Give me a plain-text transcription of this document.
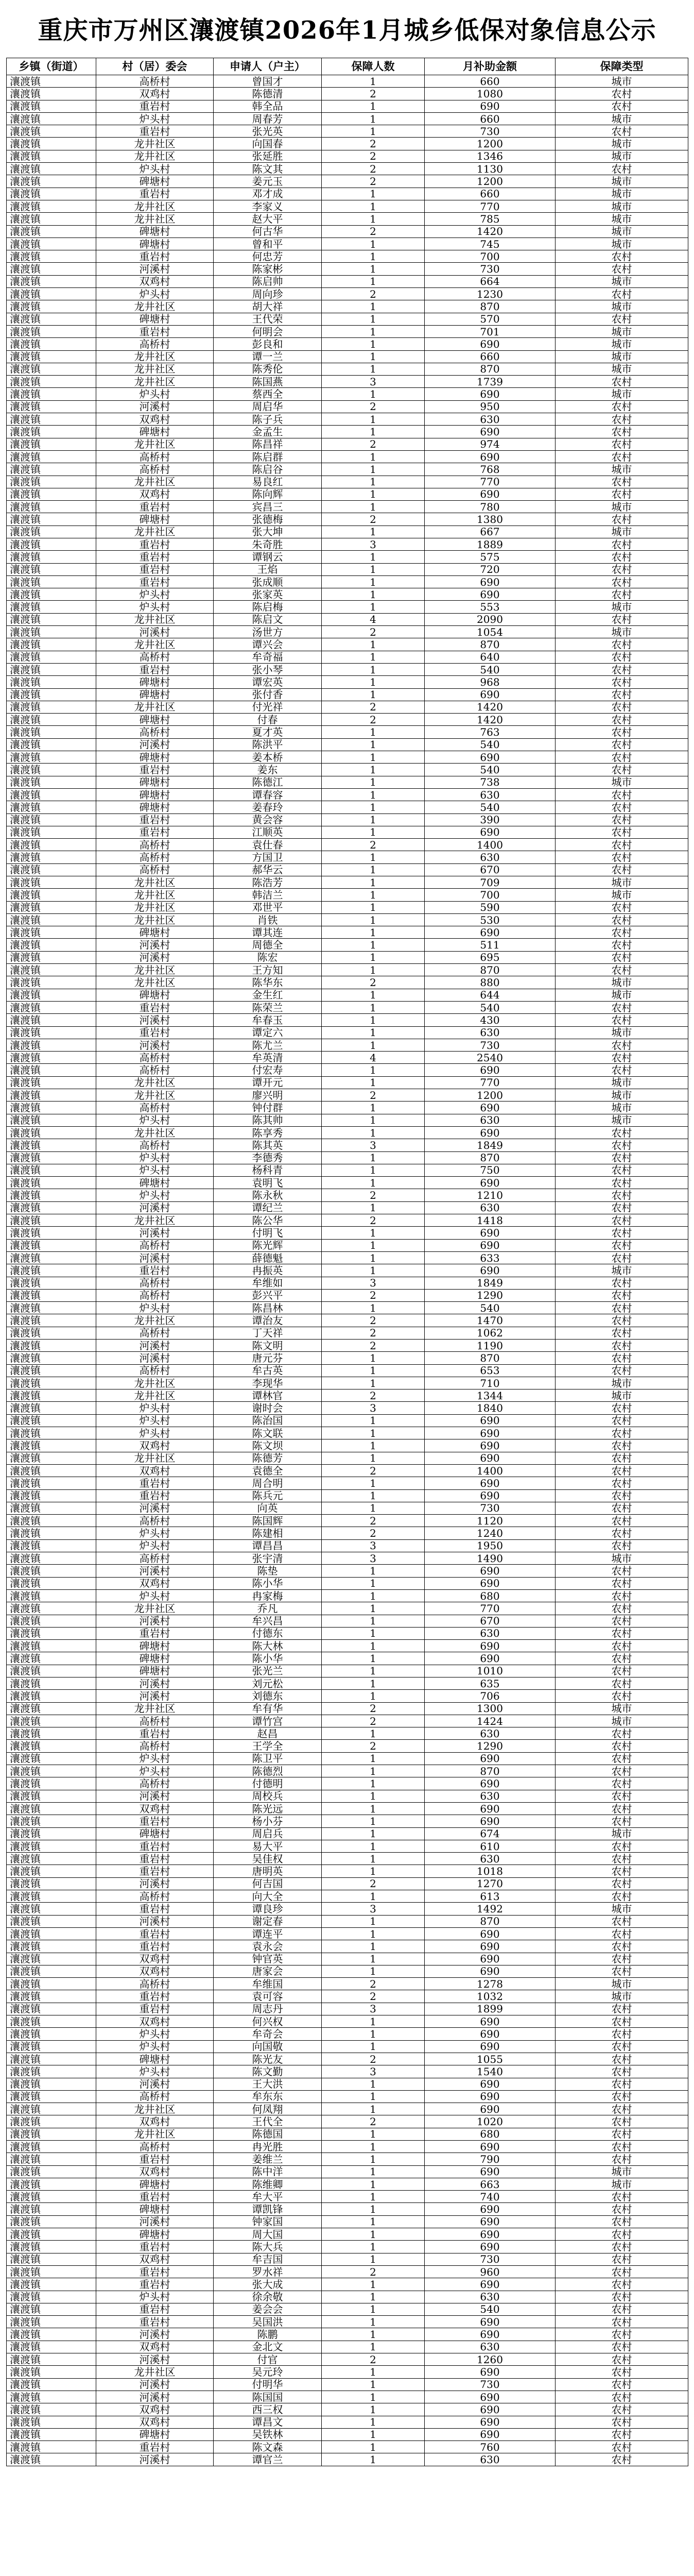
重庆市万州区瀼渡镇2026年1月城乡低保对象信息公示
乡镇（街道）	村（居）委会	申请人（户主）	保障人数	月补助金额	保障类型
瀼渡镇	高桥村	曾国才	1	660	城市
瀼渡镇	双鸡村	陈德清	2	1080	农村
瀼渡镇	重岩村	韩全品	1	690	农村
瀼渡镇	炉头村	周春芳	1	660	城市
瀼渡镇	重岩村	张光英	1	730	农村
瀼渡镇	龙井社区	向国春	2	1200	城市
瀼渡镇	龙井社区	张延胜	2	1346	城市
瀼渡镇	炉头村	陈文其	2	1130	农村
瀼渡镇	碑塘村	姜元玉	2	1200	城市
瀼渡镇	重岩村	邓才成	1	660	城市
瀼渡镇	龙井社区	李家义	1	770	城市
瀼渡镇	龙井社区	赵大平	1	785	城市
瀼渡镇	碑塘村	何古华	2	1420	城市
瀼渡镇	碑塘村	曾和平	1	745	城市
瀼渡镇	重岩村	何忠芳	1	700	农村
瀼渡镇	河溪村	陈家彬	1	730	农村
瀼渡镇	双鸡村	陈启帅	1	664	城市
瀼渡镇	炉头村	周向珍	2	1230	农村
瀼渡镇	龙井社区	胡大祥	1	870	城市
瀼渡镇	碑塘村	王代荣	1	570	农村
瀼渡镇	重岩村	何明会	1	701	城市
瀼渡镇	高桥村	彭良和	1	690	城市
瀼渡镇	龙井社区	谭一兰	1	660	城市
瀼渡镇	龙井社区	陈秀伦	1	870	城市
瀼渡镇	龙井社区	陈国燕	3	1739	农村
瀼渡镇	炉头村	蔡西全	1	690	城市
瀼渡镇	河溪村	周启华	2	950	农村
瀼渡镇	双鸡村	陈子兵	1	630	农村
瀼渡镇	碑塘村	金孟生	1	690	农村
瀼渡镇	龙井社区	陈昌祥	2	974	农村
瀼渡镇	高桥村	陈启群	1	690	农村
瀼渡镇	高桥村	陈启谷	1	768	城市
瀼渡镇	龙井社区	易良红	1	770	农村
瀼渡镇	双鸡村	陈向辉	1	690	农村
瀼渡镇	重岩村	宾昌三	1	780	城市
瀼渡镇	碑塘村	张德梅	2	1380	农村
瀼渡镇	龙井社区	张大坤	1	667	城市
瀼渡镇	重岩村	朱奇胜	3	1889	农村
瀼渡镇	重岩村	谭钢云	1	575	农村
瀼渡镇	重岩村	王焰	1	720	农村
瀼渡镇	重岩村	张成顺	1	690	农村
瀼渡镇	炉头村	张家英	1	690	农村
瀼渡镇	炉头村	陈启梅	1	553	城市
瀼渡镇	龙井社区	陈启文	4	2090	农村
瀼渡镇	河溪村	汤世方	2	1054	城市
瀼渡镇	龙井社区	谭兴会	1	870	农村
瀼渡镇	高桥村	牟奇福	1	640	农村
瀼渡镇	重岩村	张小琴	1	540	农村
瀼渡镇	碑塘村	谭宏英	1	968	农村
瀼渡镇	碑塘村	张付香	1	690	农村
瀼渡镇	龙井社区	付光祥	2	1420	农村
瀼渡镇	碑塘村	付春	2	1420	农村
瀼渡镇	高桥村	夏才英	1	763	农村
瀼渡镇	河溪村	陈洪平	1	540	农村
瀼渡镇	碑塘村	姜本桥	1	690	农村
瀼渡镇	重岩村	姜东	1	540	农村
瀼渡镇	碑塘村	陈德江	1	738	城市
瀼渡镇	碑塘村	谭春容	1	630	农村
瀼渡镇	碑塘村	姜春玲	1	540	农村
瀼渡镇	重岩村	黄会容	1	390	农村
瀼渡镇	重岩村	江顺英	1	690	农村
瀼渡镇	高桥村	袁仕春	2	1400	农村
瀼渡镇	高桥村	方国卫	1	630	农村
瀼渡镇	高桥村	郝华云	1	670	农村
瀼渡镇	龙井社区	陈浩芳	1	709	城市
瀼渡镇	龙井社区	韩洁兰	1	700	城市
瀼渡镇	龙井社区	邓世平	1	590	农村
瀼渡镇	龙井社区	肖铁	1	530	农村
瀼渡镇	碑塘村	谭其连	1	690	农村
瀼渡镇	河溪村	周德全	1	511	农村
瀼渡镇	河溪村	陈宏	1	695	农村
瀼渡镇	龙井社区	王方知	1	870	农村
瀼渡镇	龙井社区	陈华东	2	880	城市
瀼渡镇	碑塘村	金生红	1	644	城市
瀼渡镇	重岩村	陈荣兰	1	540	农村
瀼渡镇	河溪村	牟春玉	1	430	农村
瀼渡镇	重岩村	谭定六	1	630	城市
瀼渡镇	河溪村	陈尤兰	1	730	农村
瀼渡镇	高桥村	牟英清	4	2540	农村
瀼渡镇	高桥村	付宏寿	1	690	农村
瀼渡镇	龙井社区	谭开元	1	770	城市
瀼渡镇	龙井社区	廖兴明	2	1200	城市
瀼渡镇	高桥村	钟付群	1	690	城市
瀼渡镇	炉头村	陈其帅	1	630	城市
瀼渡镇	龙井社区	陈享秀	1	690	农村
瀼渡镇	高桥村	陈其英	3	1849	农村
瀼渡镇	炉头村	李德秀	1	870	农村
瀼渡镇	炉头村	杨科青	1	750	农村
瀼渡镇	碑塘村	袁明飞	1	690	农村
瀼渡镇	炉头村	陈永秋	2	1210	农村
瀼渡镇	河溪村	谭纪兰	1	630	农村
瀼渡镇	龙井社区	陈公华	2	1418	农村
瀼渡镇	河溪村	付明飞	1	690	农村
瀼渡镇	高桥村	陈光辉	1	690	农村
瀼渡镇	河溪村	薛德魁	1	633	农村
瀼渡镇	重岩村	冉振英	1	690	城市
瀼渡镇	高桥村	牟维如	3	1849	农村
瀼渡镇	高桥村	彭兴平	2	1290	农村
瀼渡镇	炉头村	陈昌林	1	540	农村
瀼渡镇	龙井社区	谭治友	2	1470	农村
瀼渡镇	高桥村	丁天祥	2	1062	农村
瀼渡镇	河溪村	陈文明	2	1190	农村
瀼渡镇	河溪村	唐元芬	1	870	农村
瀼渡镇	高桥村	牟古英	1	653	农村
瀼渡镇	龙井社区	李现华	1	710	城市
瀼渡镇	龙井社区	谭林官	2	1344	城市
瀼渡镇	炉头村	谢时会	3	1840	农村
瀼渡镇	炉头村	陈治国	1	690	农村
瀼渡镇	炉头村	陈文联	1	690	农村
瀼渡镇	双鸡村	陈文坝	1	690	农村
瀼渡镇	龙井社区	陈德芳	1	690	农村
瀼渡镇	双鸡村	袁德全	2	1400	农村
瀼渡镇	重岩村	周合明	1	690	农村
瀼渡镇	重岩村	陈兵元	1	690	农村
瀼渡镇	河溪村	向英	1	730	农村
瀼渡镇	高桥村	陈国辉	2	1120	农村
瀼渡镇	炉头村	陈建相	2	1240	农村
瀼渡镇	炉头村	谭昌昌	3	1950	农村
瀼渡镇	高桥村	张宇清	3	1490	城市
瀼渡镇	河溪村	陈垫	1	690	农村
瀼渡镇	双鸡村	陈小华	1	690	农村
瀼渡镇	炉头村	冉家梅	1	680	农村
瀼渡镇	龙井社区	乔凡	1	770	农村
瀼渡镇	河溪村	牟兴昌	1	670	农村
瀼渡镇	重岩村	付德东	1	630	农村
瀼渡镇	碑塘村	陈大林	1	690	农村
瀼渡镇	碑塘村	陈小华	1	690	农村
瀼渡镇	碑塘村	张光兰	1	1010	农村
瀼渡镇	河溪村	刘元松	1	635	农村
瀼渡镇	河溪村	刘德东	1	706	农村
瀼渡镇	龙井社区	牟有华	2	1300	城市
瀼渡镇	高桥村	谭竹宫	2	1424	城市
瀼渡镇	重岩村	赵昌	1	630	农村
瀼渡镇	高桥村	王学全	2	1290	农村
瀼渡镇	炉头村	陈卫平	1	690	农村
瀼渡镇	炉头村	陈德烈	1	870	农村
瀼渡镇	高桥村	付德明	1	690	农村
瀼渡镇	河溪村	周校兵	1	630	农村
瀼渡镇	双鸡村	陈光远	1	690	农村
瀼渡镇	重岩村	杨小芬	1	690	农村
瀼渡镇	碑塘村	周启兵	1	674	城市
瀼渡镇	重岩村	易大平	1	610	农村
瀼渡镇	重岩村	吴佳权	1	630	农村
瀼渡镇	重岩村	唐明英	1	1018	农村
瀼渡镇	河溪村	何吉国	2	1270	农村
瀼渡镇	高桥村	向大全	1	613	农村
瀼渡镇	重岩村	谭良珍	3	1492	城市
瀼渡镇	河溪村	谢定春	1	870	农村
瀼渡镇	重岩村	谭连平	1	690	农村
瀼渡镇	重岩村	袁永会	1	690	农村
瀼渡镇	双鸡村	钟官英	1	690	农村
瀼渡镇	双鸡村	唐家会	1	690	农村
瀼渡镇	高桥村	牟维国	2	1278	城市
瀼渡镇	重岩村	袁可容	2	1032	城市
瀼渡镇	重岩村	周志丹	3	1899	农村
瀼渡镇	双鸡村	何兴权	1	690	农村
瀼渡镇	炉头村	牟奇会	1	690	农村
瀼渡镇	炉头村	向国敬	1	690	农村
瀼渡镇	碑塘村	陈光友	2	1055	农村
瀼渡镇	炉头村	陈文勤	3	1540	农村
瀼渡镇	河溪村	王大洪	1	690	农村
瀼渡镇	高桥村	牟东东	1	690	农村
瀼渡镇	龙井社区	何凤翔	1	690	农村
瀼渡镇	双鸡村	王代全	2	1020	农村
瀼渡镇	龙井社区	陈德国	1	680	农村
瀼渡镇	高桥村	冉光胜	1	690	农村
瀼渡镇	重岩村	姜维兰	1	790	农村
瀼渡镇	双鸡村	陈中洋	1	690	城市
瀼渡镇	碑塘村	陈维卿	1	663	城市
瀼渡镇	重岩村	牟大平	1	740	农村
瀼渡镇	碑塘村	谭凯锋	1	690	农村
瀼渡镇	河溪村	钟家国	1	690	农村
瀼渡镇	碑塘村	周大国	1	690	农村
瀼渡镇	重岩村	陈大兵	1	690	农村
瀼渡镇	双鸡村	牟吉国	1	730	农村
瀼渡镇	重岩村	罗水祥	2	960	农村
瀼渡镇	重岩村	张大成	1	690	农村
瀼渡镇	炉头村	徐余敬	1	630	农村
瀼渡镇	重岩村	姜会会	1	540	农村
瀼渡镇	重岩村	吴国洪	1	690	农村
瀼渡镇	河溪村	陈鹏	1	690	农村
瀼渡镇	双鸡村	金北文	1	630	农村
瀼渡镇	河溪村	付官	2	1260	农村
瀼渡镇	龙井社区	吴元玲	1	690	农村
瀼渡镇	河溪村	付明华	1	730	农村
瀼渡镇	河溪村	陈国国	1	690	农村
瀼渡镇	双鸡村	西三权	1	690	农村
瀼渡镇	双鸡村	谭昌文	1	690	农村
瀼渡镇	碑塘村	吴铁林	1	690	农村
瀼渡镇	重岩村	陈文森	1	760	农村
瀼渡镇	河溪村	谭官兰	1	630	农村
